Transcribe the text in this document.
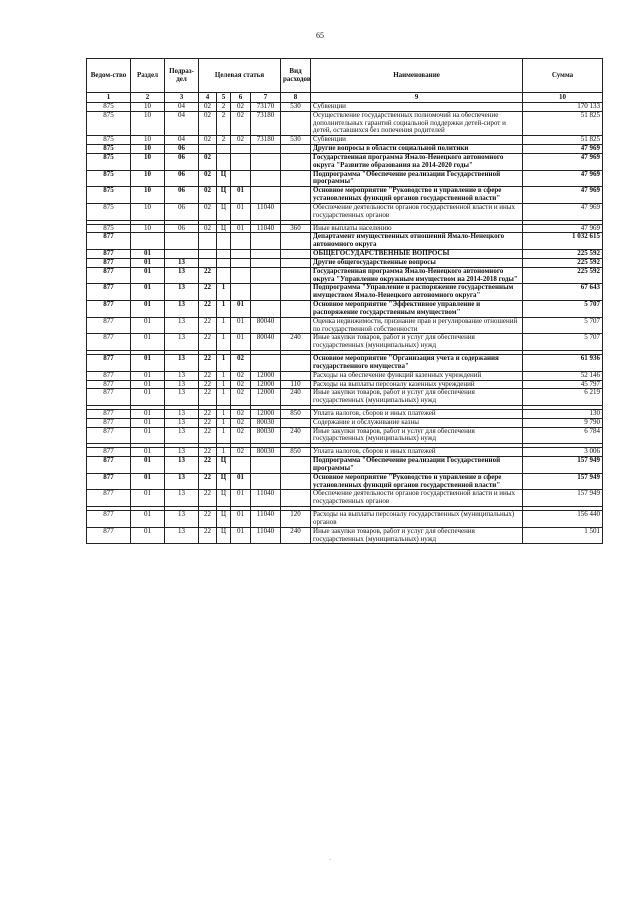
65
Ведом-ство	Раздел	Подраз-дел	Целевая статья				Вид расходов	Наименование	Сумма
1	2	3	4	5	6	7	8	9	10
875	10	04	02	2	02	73170	530	Субвенции	170 133
875	10	04	02	2	02	73180		Осуществление государственных полномочий на обеспечение дополнительных гарантий социальной поддержки детей-сирот и детей, оставшихся без попечения родителей	51 825
875	10	04	02	2	02	73180	530	Субвенции	51 825
875	10	06						Другие вопросы в области социальной политики	47 969
875	10	06	02					Государственная программа Ямало-Ненецкого автономного округа "Развитие образования на 2014-2020 годы"	47 969
875	10	06	02	Ц				Подпрограмма "Обеспечение реализации Государственной программы"	47 969
875	10	06	02	Ц	01			Основное мероприятие "Руководство и управление в сфере установленных функций органов государственной власти"	47 969
875	10	06	02	Ц	01	11040		Обеспечение деятельности органов государственной власти и иных государственных органов	47 969

875	10	06	02	Ц	01	11040	360	Иные выплаты населению	47 969
877								Департамент имущественных отношений Ямало-Ненецкого автономного округа	1 032 615
877	01							ОБЩЕГОСУДАРСТВЕННЫЕ ВОПРОСЫ	225 592
877	01	13						Другие общегосударственные вопросы	225 592
877	01	13	22					Государственная программа Ямало-Ненецкого автономного округа "Управление окружным имуществом на 2014-2018 годы"	225 592
877	01	13	22	1				Подпрограмма "Управление и распоряжение государственным имуществом Ямало-Ненецкого автономного округа"	67 643
877	01	13	22	1	01			Основное мероприятие "Эффективное управление и распоряжение государственным имуществом"	5 707
877	01	13	22	1	01	80040		Оценка недвижимости, признание прав и регулирование отношений по государственной собственности	5 707
877	01	13	22	1	01	80040	240	Иные закупки товаров, работ и услуг для обеспечения государственных (муниципальных) нужд	5 707

877	01	13	22	1	02			Основное мероприятие "Организация учета и содержания государственного имущества"	61 936
877	01	13	22	1	02	12000		Расходы на обеспечение функций казенных учреждений	52 146
877	01	13	22	1	02	12000	110	Расходы на выплаты персоналу казенных учреждений	45 797
877	01	13	22	1	02	12000	240	Иные закупки товаров, работ и услуг для обеспечения государственных (муниципальных) нужд	6 219

877	01	13	22	1	02	12000	850	Уплата налогов, сборов и иных платежей	130
877	01	13	22	1	02	80030		Содержание и обслуживание казны	9 790
877	01	13	22	1	02	80030	240	Иные закупки товаров, работ и услуг для обеспечения государственных (муниципальных) нужд	6 784

877	01	13	22	1	02	80030	850	Уплата налогов, сборов и иных платежей	3 006
877	01	13	22	Ц				Подпрограмма "Обеспечение реализации Государственной программы"	157 949
877	01	13	22	Ц	01			Основное мероприятие "Руководство и управление в сфере установленных функций органов государственной власти"	157 949
877	01	13	22	Ц	01	11040		Обеспечение деятельности органов государственной власти и иных государственных органов	157 949

877	01	13	22	Ц	01	11040	120	Расходы на выплаты персоналу государственных (муниципальных) органов	156 440
877	01	13	22	Ц	01	11040	240	Иные закупки товаров, работ и услуг для обеспечения государственных (муниципальных) нужд	1 501
.
